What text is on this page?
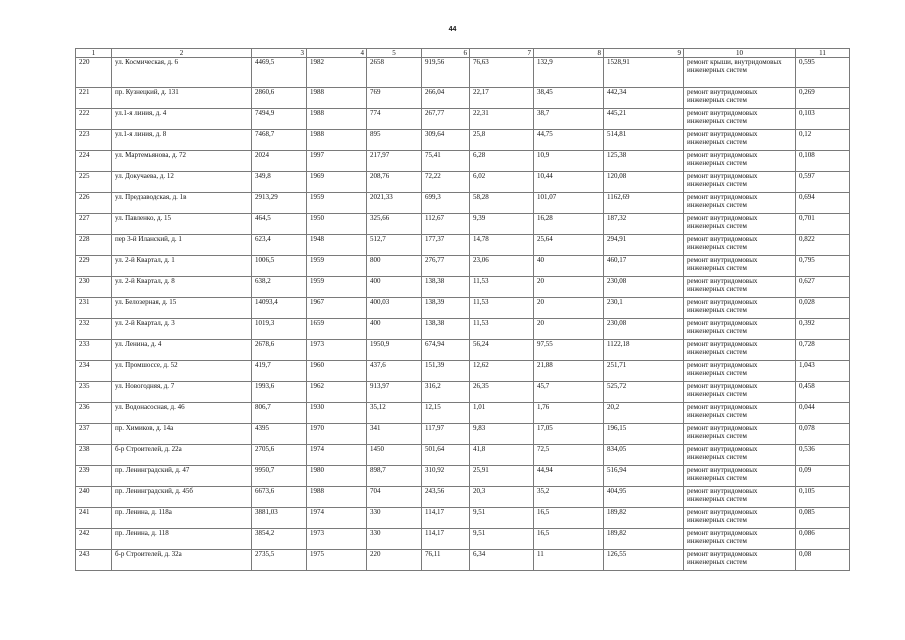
44
1	2	3	4	5	6	7	8	9	10	11
220	ул. Космическая, д. 6	4469,5	1982	2658	919,56	76,63	132,9	1528,91	ремонт крыши, внутридомовых инженерных систем	0,595
221	пр. Кузнецкий, д. 131	2860,6	1988	769	266,04	22,17	38,45	442,34	ремонт внутридомовых инженерных систем	0,269
222	ул.1-я линия, д. 4	7494,9	1988	774	267,77	22,31	38,7	445,21	ремонт внутридомовых инженерных систем	0,103
223	ул.1-я линия, д. 8	7468,7	1988	895	309,64	25,8	44,75	514,81	ремонт внутридомовых инженерных систем	0,12
224	ул. Мартемьянова, д. 72	2024	1997	217,97	75,41	6,28	10,9	125,38	ремонт внутридомовых инженерных систем	0,108
225	ул. Докучаева, д. 12	349,8	1969	208,76	72,22	6,02	10,44	120,08	ремонт внутридомовых инженерных систем	0,597
226	ул. Предзаводская, д. 1в	2913,29	1959	2021,33	699,3	58,28	101,07	1162,69	ремонт внутридомовых инженерных систем	0,694
227	ул. Павленко, д. 15	464,5	1950	325,66	112,67	9,39	16,28	187,32	ремонт внутридомовых инженерных систем	0,701
228	пер 3-й Иланский, д. 1	623,4	1948	512,7	177,37	14,78	25,64	294,91	ремонт внутридомовых инженерных систем	0,822
229	ул. 2-й Квартал, д. 1	1006,5	1959	800	276,77	23,06	40	460,17	ремонт внутридомовых инженерных систем	0,795
230	ул. 2-й Квартал, д. 8	638,2	1959	400	138,38	11,53	20	230,08	ремонт внутридомовых инженерных систем	0,627
231	ул. Белозерная, д. 15	14093,4	1967	400,03	138,39	11,53	20	230,1	ремонт внутридомовых инженерных систем	0,028
232	ул. 2-й Квартал, д. 3	1019,3	1659	400	138,38	11,53	20	230,08	ремонт внутридомовых инженерных систем	0,392
233	ул. Ленина, д. 4	2678,6	1973	1950,9	674,94	56,24	97,55	1122,18	ремонт внутридомовых инженерных систем	0,728
234	ул. Промшоссе, д. 52	419,7	1960	437,6	151,39	12,62	21,88	251,71	ремонт внутридомовых инженерных систем	1,043
235	ул. Новогодняя, д. 7	1993,6	1962	913,97	316,2	26,35	45,7	525,72	ремонт внутридомовых инженерных систем	0,458
236	ул. Водонасосная, д. 46	806,7	1930	35,12	12,15	1,01	1,76	20,2	ремонт внутридомовых инженерных систем	0,044
237	пр. Химиков, д. 14а	4395	1970	341	117,97	9,83	17,05	196,15	ремонт внутридомовых инженерных систем	0,078
238	б-р Строителей, д. 22а	2705,6	1974	1450	501,64	41,8	72,5	834,05	ремонт внутридомовых инженерных систем	0,536
239	пр. Ленинградский, д. 47	9950,7	1980	898,7	310,92	25,91	44,94	516,94	ремонт внутридомовых инженерных систем	0,09
240	пр. Ленинградский, д. 45б	6673,6	1988	704	243,56	20,3	35,2	404,95	ремонт внутридомовых инженерных систем	0,105
241	пр. Ленина, д. 118а	3881,03	1974	330	114,17	9,51	16,5	189,82	ремонт внутридомовых инженерных систем	0,085
242	пр. Ленина, д. 118	3854,2	1973	330	114,17	9,51	16,5	189,82	ремонт внутридомовых инженерных систем	0,086
243	б-р Строителей, д. 32а	2735,5	1975	220	76,11	6,34	11	126,55	ремонт внутридомовых инженерных систем	0,08
